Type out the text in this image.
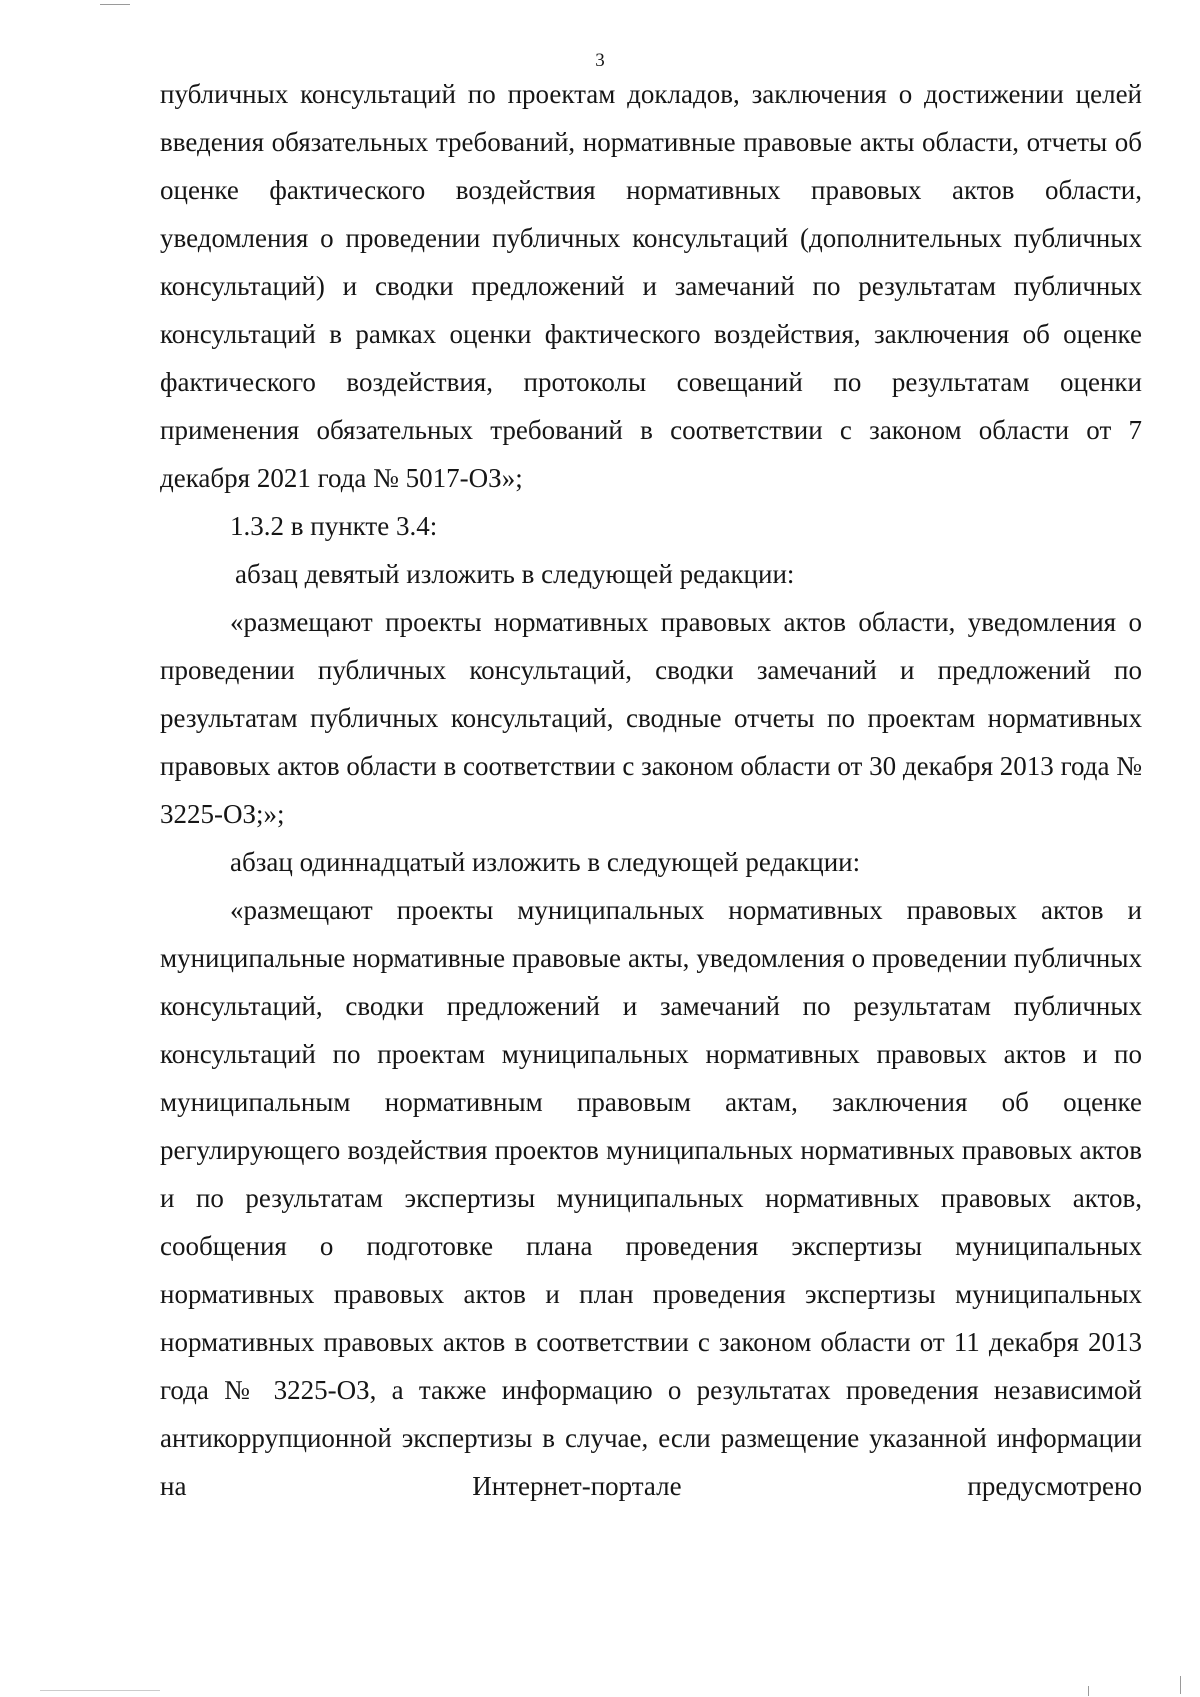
3

публичных консультаций по проектам докладов, заключения о достижении целей введения обязательных требований, нормативные правовые акты области, отчеты об оценке фактического воздействия нормативных правовых актов области, уведомления о проведении публичных консультаций (дополнительных публичных консультаций) и сводки предложений и замечаний по результатам публичных консультаций в рамках оценки фактического воздействия, заключения об оценке фактического воздействия, протоколы совещаний по результатам оценки применения обязательных требований в соответствии с законом области от 7 декабря 2021 года № 5017-ОЗ»;

1.3.2 в пункте 3.4:

абзац девятый изложить в следующей редакции:

«размещают проекты нормативных правовых актов области, уведомления о проведении публичных консультаций, сводки замечаний и предложений по результатам публичных консультаций, сводные отчеты по проектам нормативных правовых актов области в соответствии с законом области от 30 декабря 2013 года № 3225-ОЗ;»;

абзац одиннадцатый изложить в следующей редакции:

«размещают проекты муниципальных нормативных правовых актов и муниципальные нормативные правовые акты, уведомления о проведении публичных консультаций, сводки предложений и замечаний по результатам публичных консультаций по проектам муниципальных нормативных правовых актов и по муниципальным нормативным правовым актам, заключения об оценке регулирующего воздействия проектов муниципальных нормативных правовых актов и по результатам экспертизы муниципальных нормативных правовых актов, сообщения о подготовке плана проведения экспертизы муниципальных нормативных правовых актов и план проведения экспертизы муниципальных нормативных правовых актов в соответствии с законом области от 11 декабря 2013 года № 3225-ОЗ, а также информацию о результатах проведения независимой антикоррупционной экспертизы в случае, если размещение указанной информации на Интернет-портале предусмотрено
